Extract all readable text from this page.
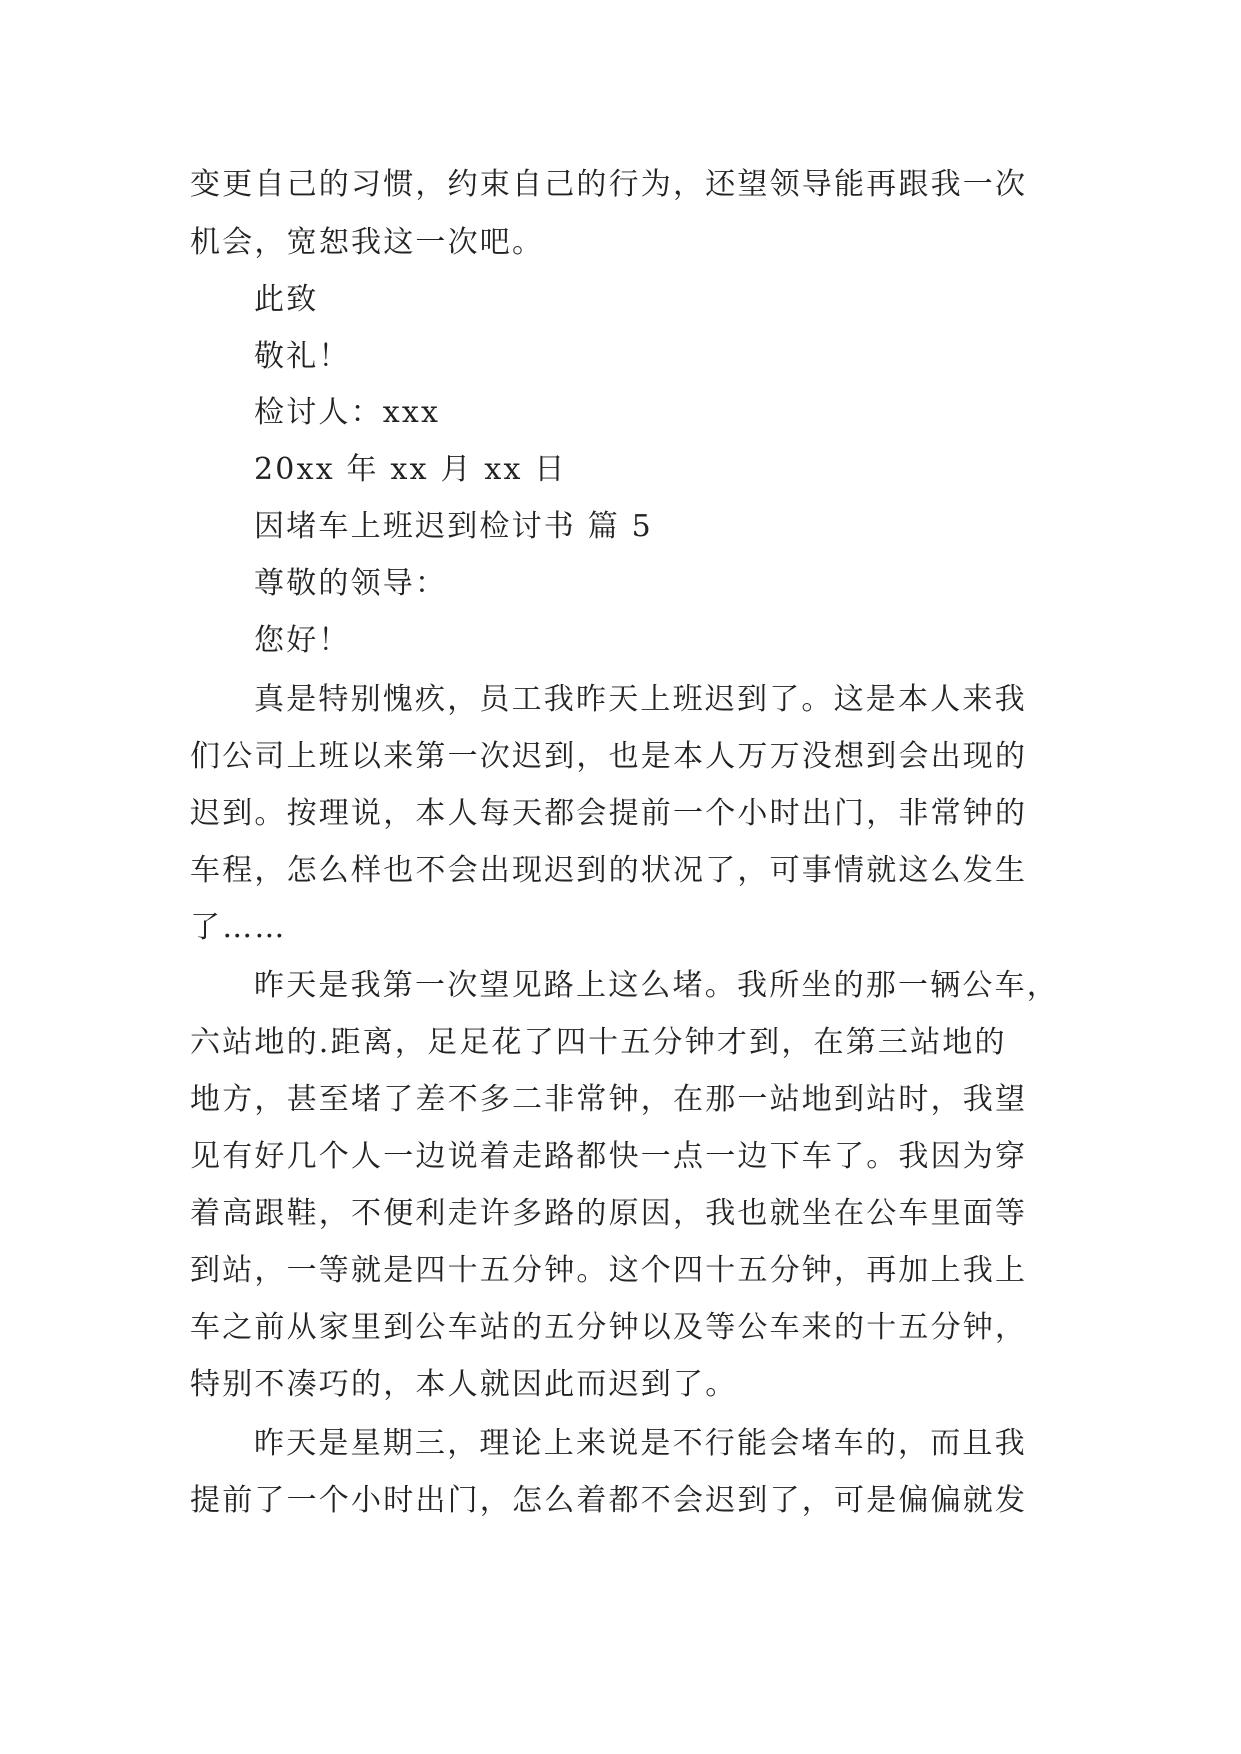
变更自己的习惯，约束自己的行为，还望领导能再跟我一次
机会，宽恕我这一次吧。
此致
敬礼！
检讨人：xxx
20xx 年 xx 月 xx 日
因堵车上班迟到检讨书 篇 5
尊敬的领导：
您好！
真是特别愧疚，员工我昨天上班迟到了。这是本人来我
们公司上班以来第一次迟到，也是本人万万没想到会出现的
迟到。按理说，本人每天都会提前一个小时出门，非常钟的
车程，怎么样也不会出现迟到的状况了，可事情就这么发生
了……
昨天是我第一次望见路上这么堵。我所坐的那一辆公车，
六站地的.距离，足足花了四十五分钟才到，在第三站地的
地方，甚至堵了差不多二非常钟，在那一站地到站时，我望
见有好几个人一边说着走路都快一点一边下车了。我因为穿
着高跟鞋，不便利走许多路的原因，我也就坐在公车里面等
到站，一等就是四十五分钟。这个四十五分钟，再加上我上
车之前从家里到公车站的五分钟以及等公车来的十五分钟，
特别不凑巧的，本人就因此而迟到了。
昨天是星期三，理论上来说是不行能会堵车的，而且我
提前了一个小时出门，怎么着都不会迟到了，可是偏偏就发
